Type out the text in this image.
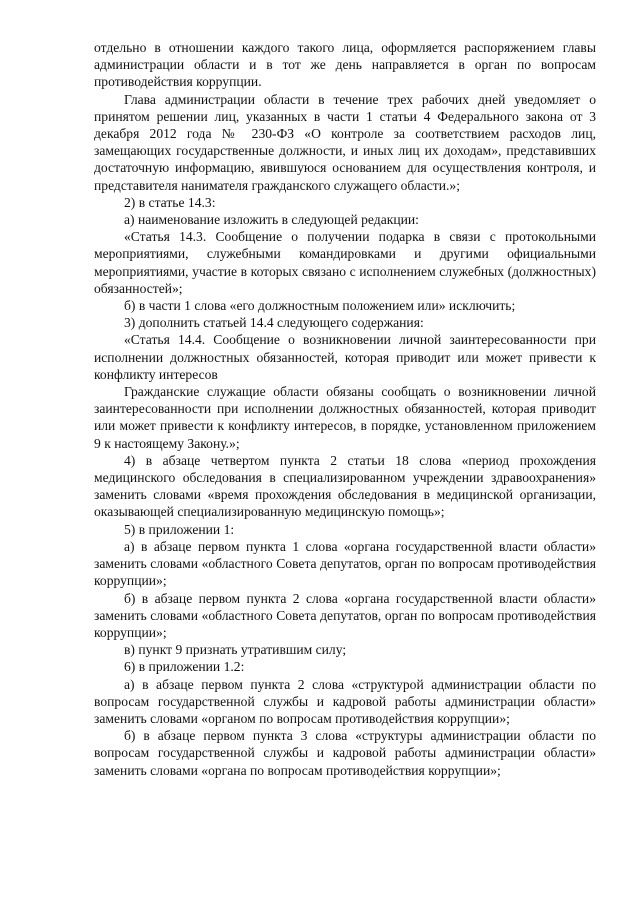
отдельно в отношении каждого такого лица, оформляется распоряжением главы администрации области и в тот же день направляется в орган по вопросам противодействия коррупции.

Глава администрации области в течение трех рабочих дней уведомляет о принятом решении лиц, указанных в части 1 статьи 4 Федерального закона от 3 декабря 2012 года № 230-ФЗ «О контроле за соответствием расходов лиц, замещающих государственные должности, и иных лиц их доходам», представивших достаточную информацию, явившуюся основанием для осуществления контроля, и представителя нанимателя гражданского служащего области.»;

2) в статье 14.3:

а) наименование изложить в следующей редакции:

«Статья 14.3. Сообщение о получении подарка в связи с протокольными мероприятиями, служебными командировками и другими официальными мероприятиями, участие в которых связано с исполнением служебных (должностных) обязанностей»;

б) в части 1 слова «его должностным положением или» исключить;

3) дополнить статьей 14.4 следующего содержания:

«Статья 14.4. Сообщение о возникновении личной заинтересованности при исполнении должностных обязанностей, которая приводит или может привести к конфликту интересов

Гражданские служащие области обязаны сообщать о возникновении личной заинтересованности при исполнении должностных обязанностей, которая приводит или может привести к конфликту интересов, в порядке, установленном приложением 9 к настоящему Закону.»;

4) в абзаце четвертом пункта 2 статьи 18 слова «период прохождения медицинского обследования в специализированном учреждении здравоохранения» заменить словами «время прохождения обследования в медицинской организации, оказывающей специализированную медицинскую помощь»;

5) в приложении 1:

а) в абзаце первом пункта 1 слова «органа государственной власти области» заменить словами «областного Совета депутатов, орган по вопросам противодействия коррупции»;

б) в абзаце первом пункта 2 слова «органа государственной власти области» заменить словами «областного Совета депутатов, орган по вопросам противодействия коррупции»;

в) пункт 9 признать утратившим силу;

6) в приложении 1.2:

а) в абзаце первом пункта 2 слова «структурой администрации области по вопросам государственной службы и кадровой работы администрации области» заменить словами «органом по вопросам противодействия коррупции»;

б) в абзаце первом пункта 3 слова «структуры администрации области по вопросам государственной службы и кадровой работы администрации области» заменить словами «органа по вопросам противодействия коррупции»;
